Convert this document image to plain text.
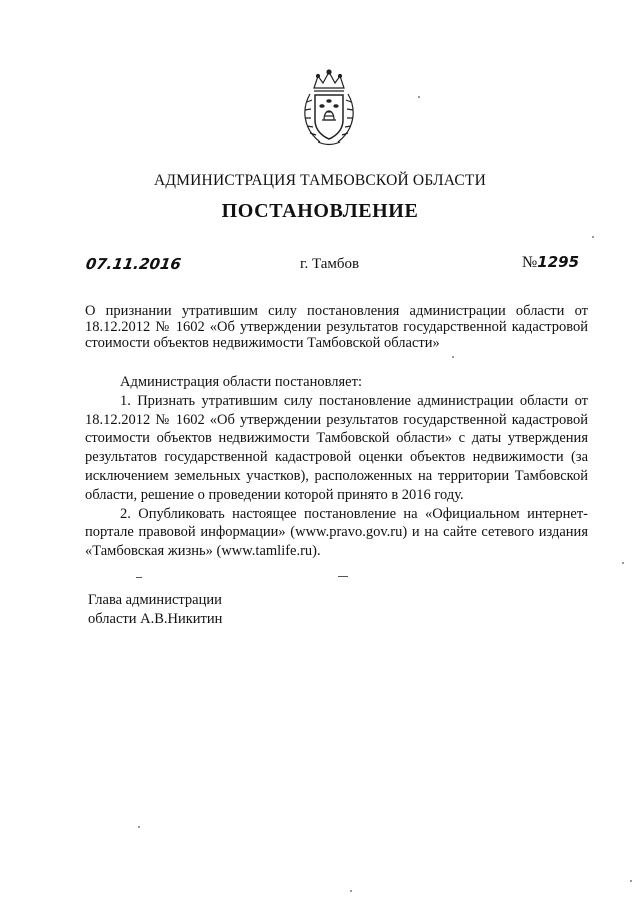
АДМИНИСТРАЦИЯ ТАМБОВСКОЙ ОБЛАСТИ
ПОСТАНОВЛЕНИЕ
07.11.2016	г. Тамбов	№1295
О признании утратившим силу постановления администрации области от 18.12.2012 № 1602 «Об утверждении результатов государственной кадастровой стоимости объектов недвижимости Тамбовской области»

Администрация области постановляет:

1. Признать утратившим силу постановление администрации области от 18.12.2012 № 1602 «Об утверждении результатов государственной кадастровой стоимости объектов недвижимости Тамбовской области» с даты утверждения результатов государственной кадастровой оценки объектов недвижимости (за исключением земельных участков), расположенных на территории Тамбовской области, решение о проведении которой принято в 2016 году.

2. Опубликовать настоящее постановление на «Официальном интернет-портале правовой информации» (www.pravo.gov.ru) и на сайте сетевого издания «Тамбовская жизнь» (www.tamlife.ru).

Глава администрации
области А.В.Никитин
